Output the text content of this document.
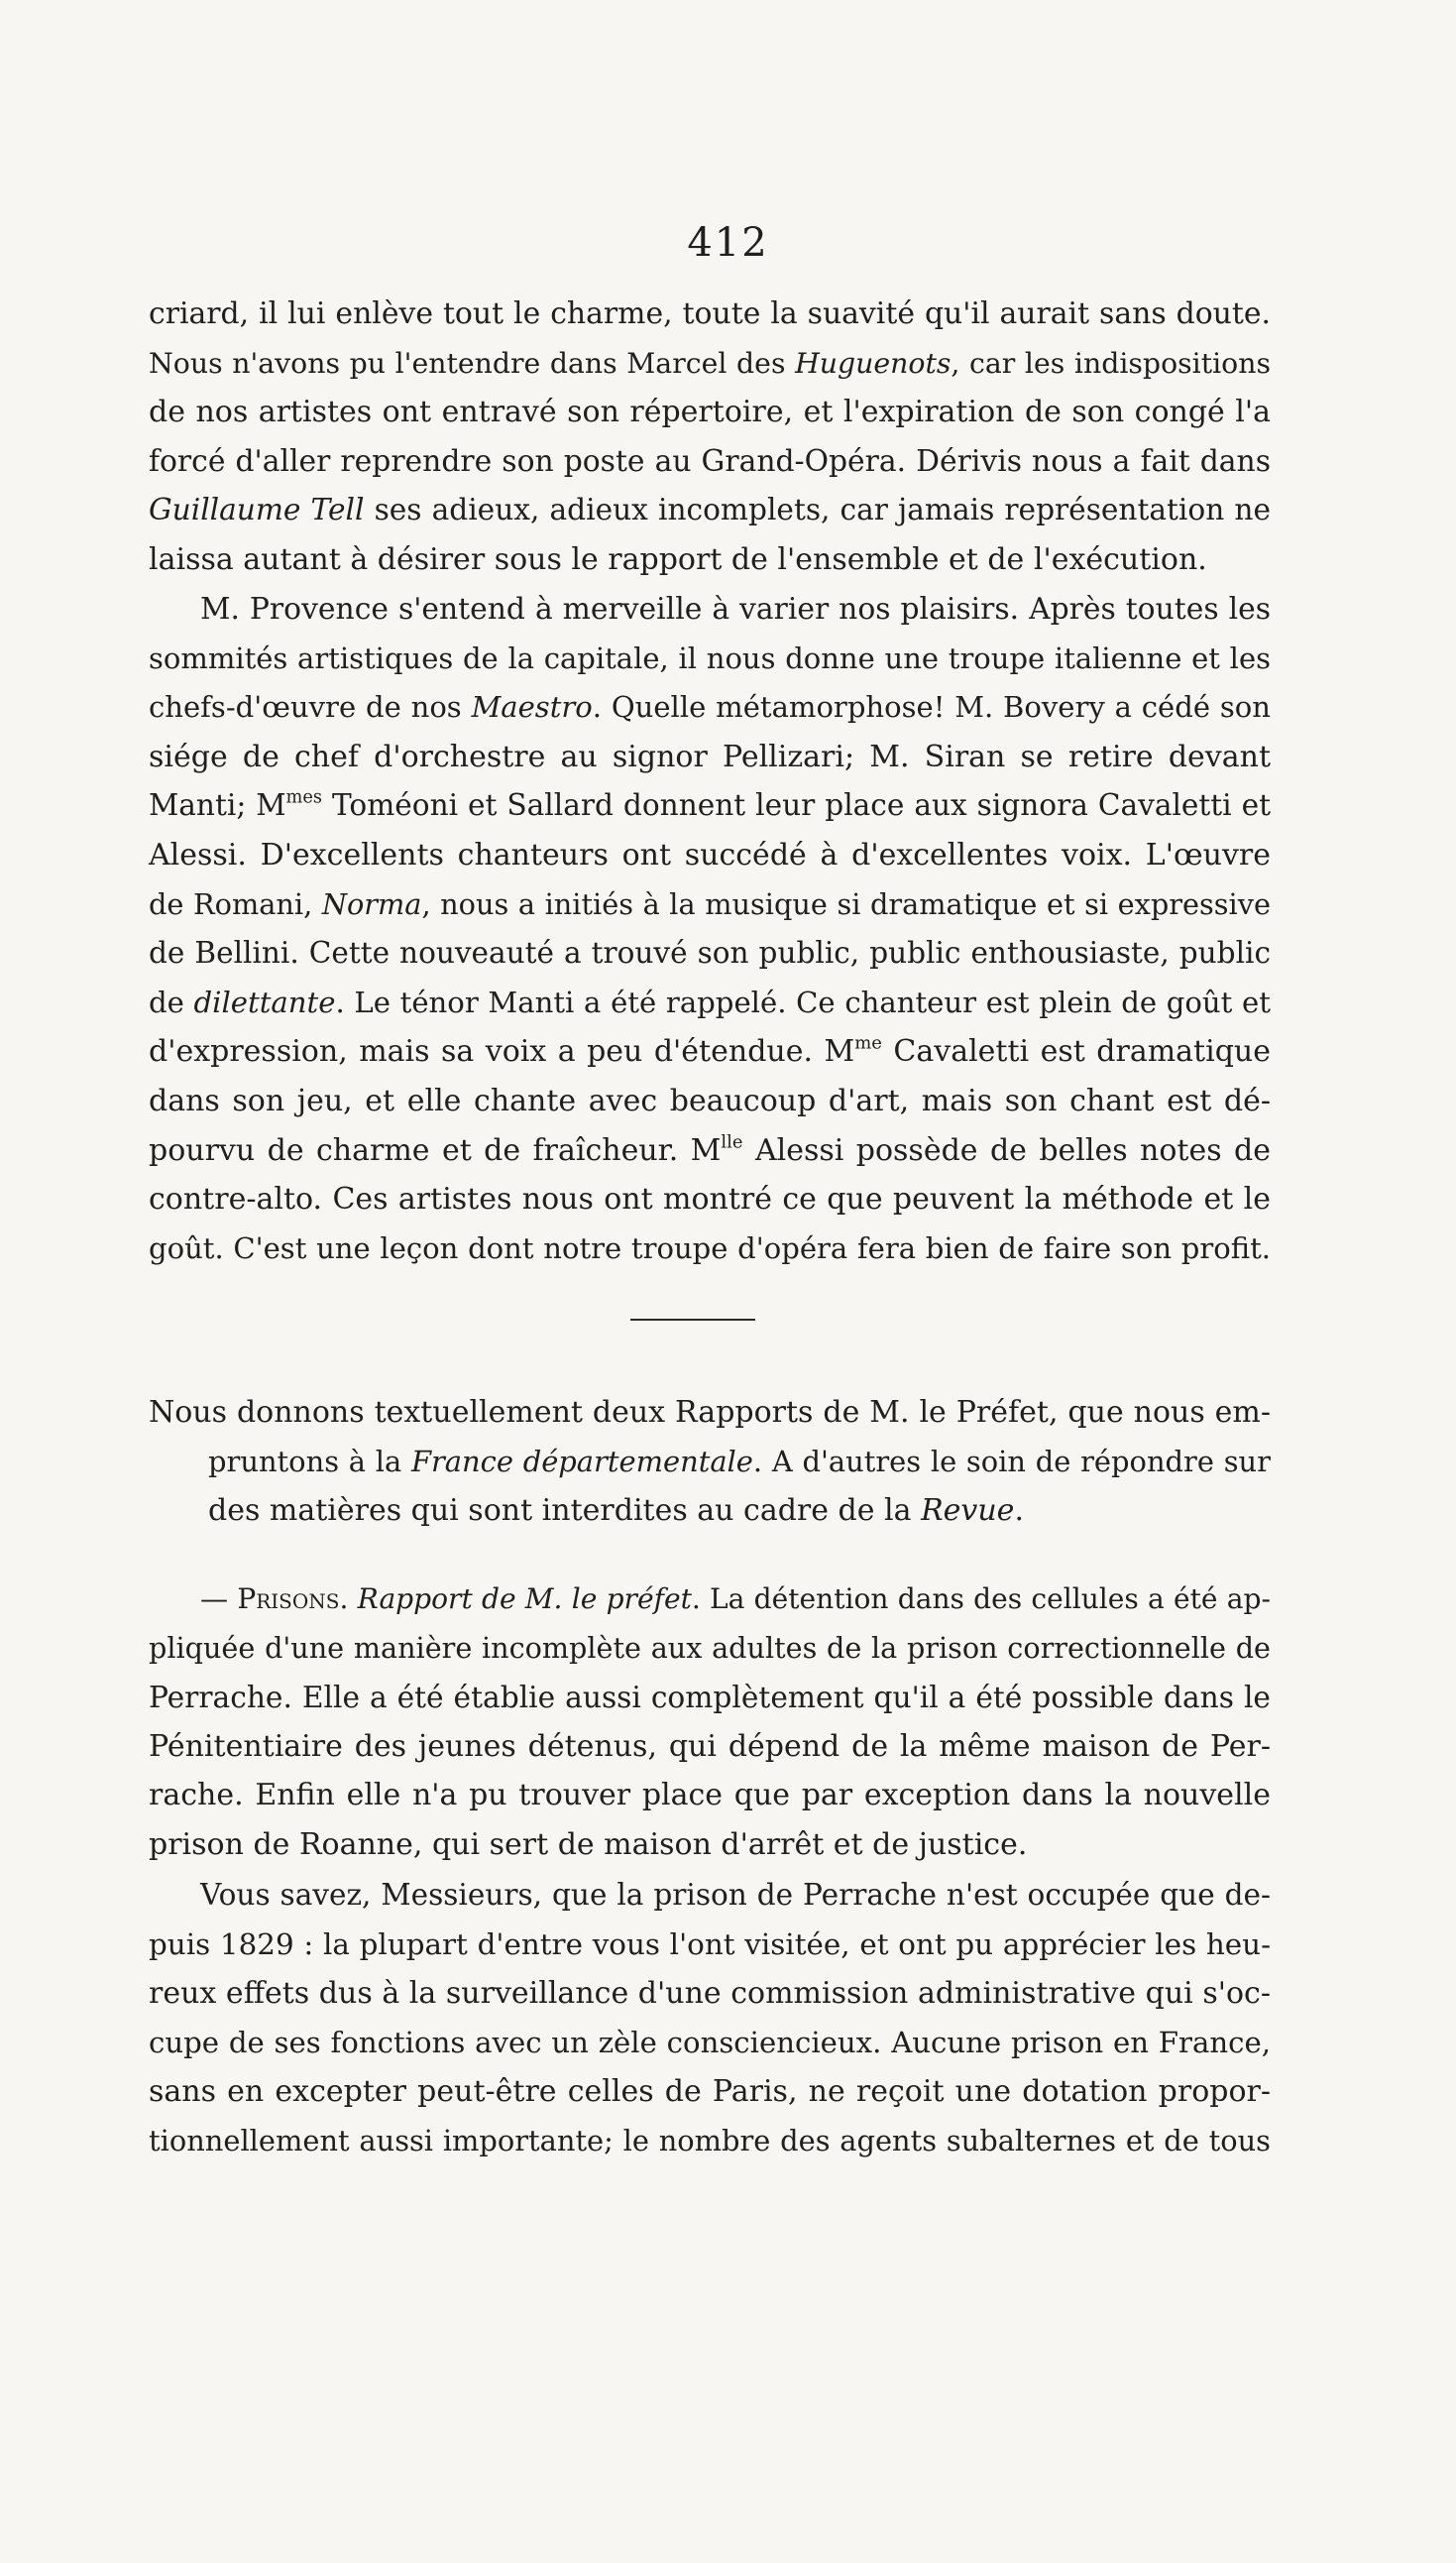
412
criard, il lui enlève tout le charme, toute la suavité qu'il aurait sans doute.
Nous n'avons pu l'entendre dans Marcel des Huguenots, car les indispositions
de nos artistes ont entravé son répertoire, et l'expiration de son congé l'a
forcé d'aller reprendre son poste au Grand-Opéra. Dérivis nous a fait dans
Guillaume Tell ses adieux, adieux incomplets, car jamais représentation ne
laissa autant à désirer sous le rapport de l'ensemble et de l'exécution.
M. Provence s'entend à merveille à varier nos plaisirs. Après toutes les
sommités artistiques de la capitale, il nous donne une troupe italienne et les
chefs-d'œuvre de nos Maestro. Quelle métamorphose! M. Bovery a cédé son
siége de chef d'orchestre au signor Pellizari; M. Siran se retire devant
Manti; $M^{mes}$ Toméoni et Sallard donnent leur place aux signora Cavaletti et
Alessi. D'excellents chanteurs ont succédé à d'excellentes voix. L'œuvre
de Romani, Norma, nous a initiés à la musique si dramatique et si expressive
de Bellini. Cette nouveauté a trouvé son public, public enthousiaste, public
de dilettante. Le ténor Manti a été rappelé. Ce chanteur est plein de goût et
d'expression, mais sa voix a peu d'étendue. $M^{me}$ Cavaletti est dramatique
dans son jeu, et elle chante avec beaucoup d'art, mais son chant est dé-
pourvu de charme et de fraîcheur. $M^{lle}$ Alessi possède de belles notes de
contre-alto. Ces artistes nous ont montré ce que peuvent la méthode et le
goût. C'est une leçon dont notre troupe d'opéra fera bien de faire son profit.
Nous donnons textuellement deux Rapports de M. le Préfet, que nous em-
pruntons à la France départementale. A d'autres le soin de répondre sur
des matières qui sont interdites au cadre de la Revue.
— Prisons. Rapport de M. le préfet. La détention dans des cellules a été ap-
pliquée d'une manière incomplète aux adultes de la prison correctionnelle de
Perrache. Elle a été établie aussi complètement qu'il a été possible dans le
Pénitentiaire des jeunes détenus, qui dépend de la même maison de Per-
rache. Enfin elle n'a pu trouver place que par exception dans la nouvelle
prison de Roanne, qui sert de maison d'arrêt et de justice.
Vous savez, Messieurs, que la prison de Perrache n'est occupée que de-
puis 1829 : la plupart d'entre vous l'ont visitée, et ont pu apprécier les heu-
reux effets dus à la surveillance d'une commission administrative qui s'oc-
cupe de ses fonctions avec un zèle consciencieux. Aucune prison en France,
sans en excepter peut-être celles de Paris, ne reçoit une dotation propor-
tionnellement aussi importante; le nombre des agents subalternes et de tous
